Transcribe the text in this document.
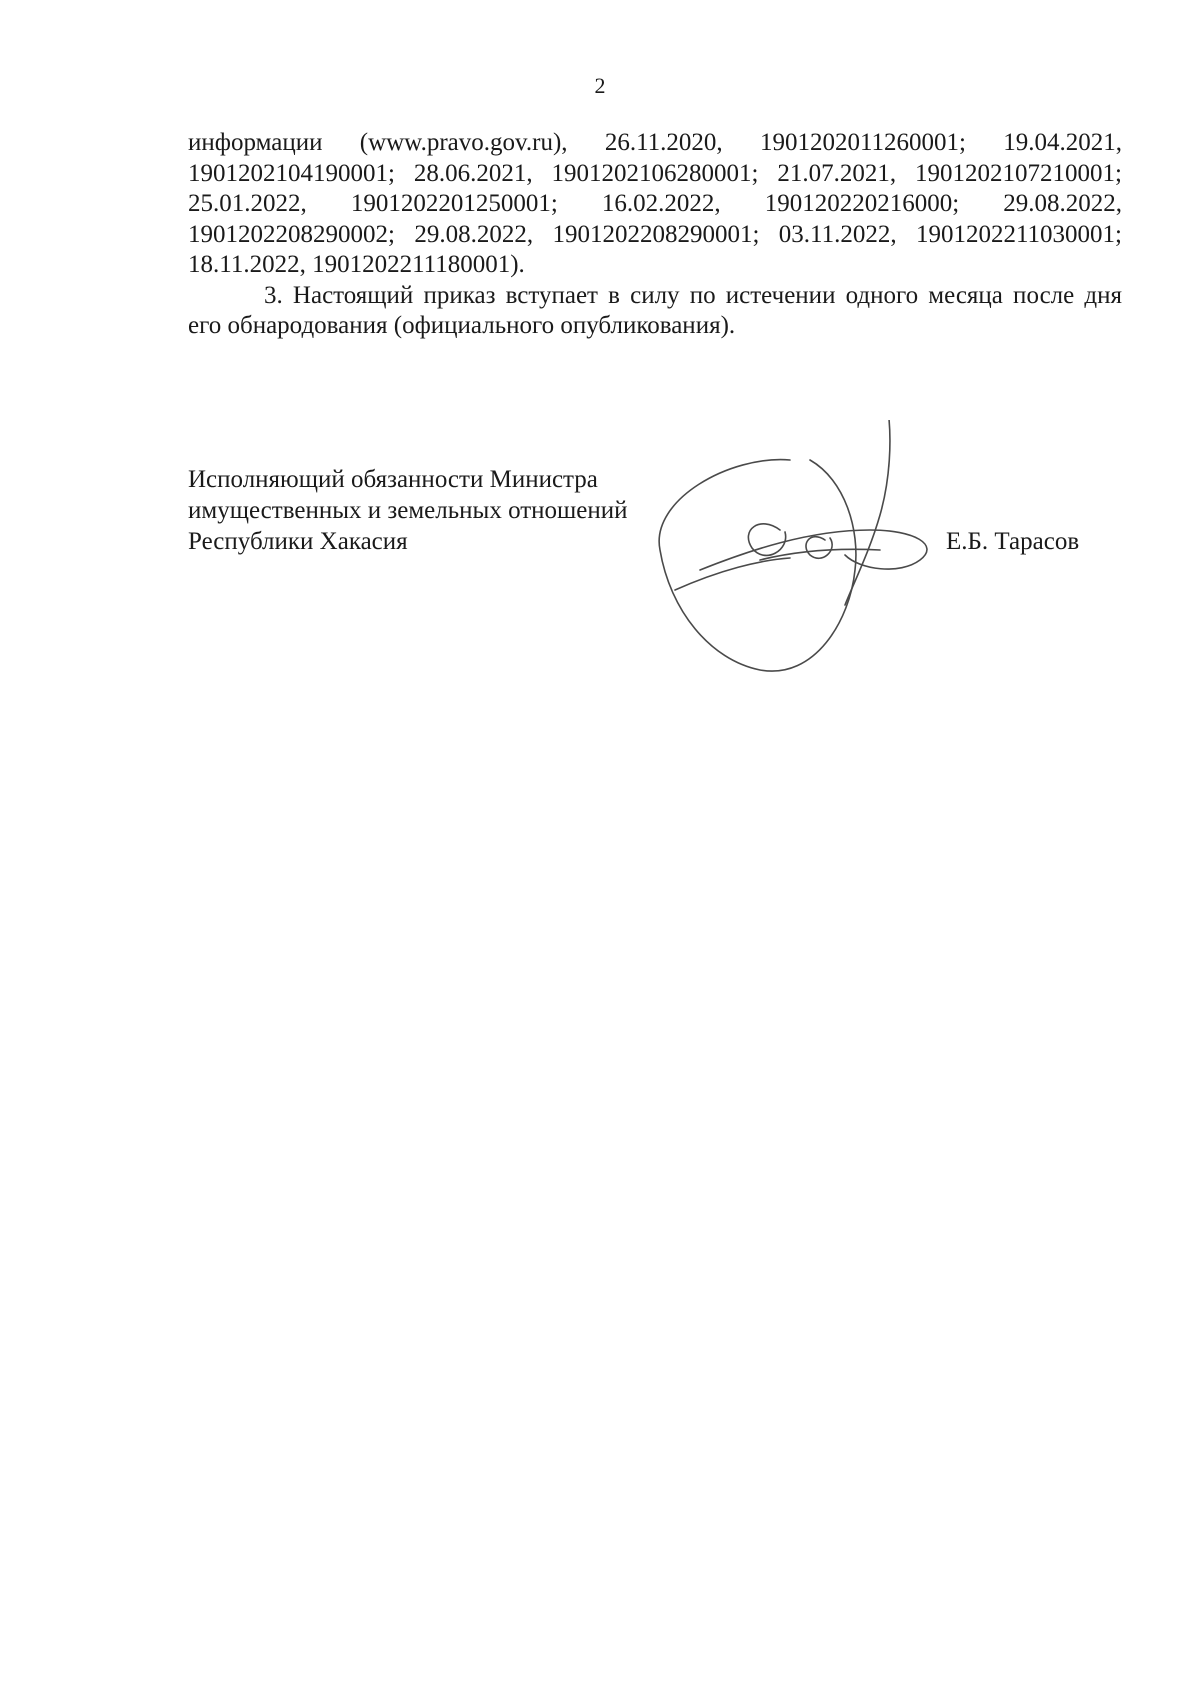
2
информации (www.pravo.gov.ru), 26.11.2020, 1901202011260001; 19.04.2021,
1901202104190001; 28.06.2021, 1901202106280001; 21.07.2021, 1901202107210001;
25.01.2022, 1901202201250001; 16.02.2022, 190120220216000; 29.08.2022,
1901202208290002; 29.08.2022, 1901202208290001; 03.11.2022, 1901202211030001;
18.11.2022, 1901202211180001).
3. Настоящий приказ вступает в силу по истечении одного месяца после дня
его обнародования (официального опубликования).
Исполняющий обязанности Министра
имущественных и земельных отношений
Республики Хакасия	Е.Б. Тарасов
